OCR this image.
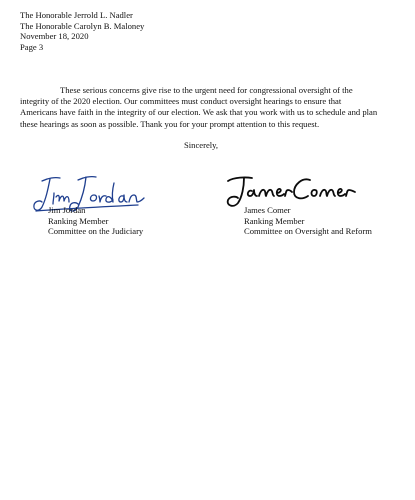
The Honorable Jerrold L. Nadler
The Honorable Carolyn B. Maloney
November 18, 2020
Page 3

These serious concerns give rise to the urgent need for congressional oversight of the integrity of the 2020 election. Our committees must conduct oversight hearings to ensure that Americans have faith in the integrity of our election. We ask that you work with us to schedule and plan these hearings as soon as possible. Thank you for your prompt attention to this request.

Sincerely,
Jim Jordan
Ranking Member
Committee on the Judiciary
James Comer
Ranking Member
Committee on Oversight and Reform
